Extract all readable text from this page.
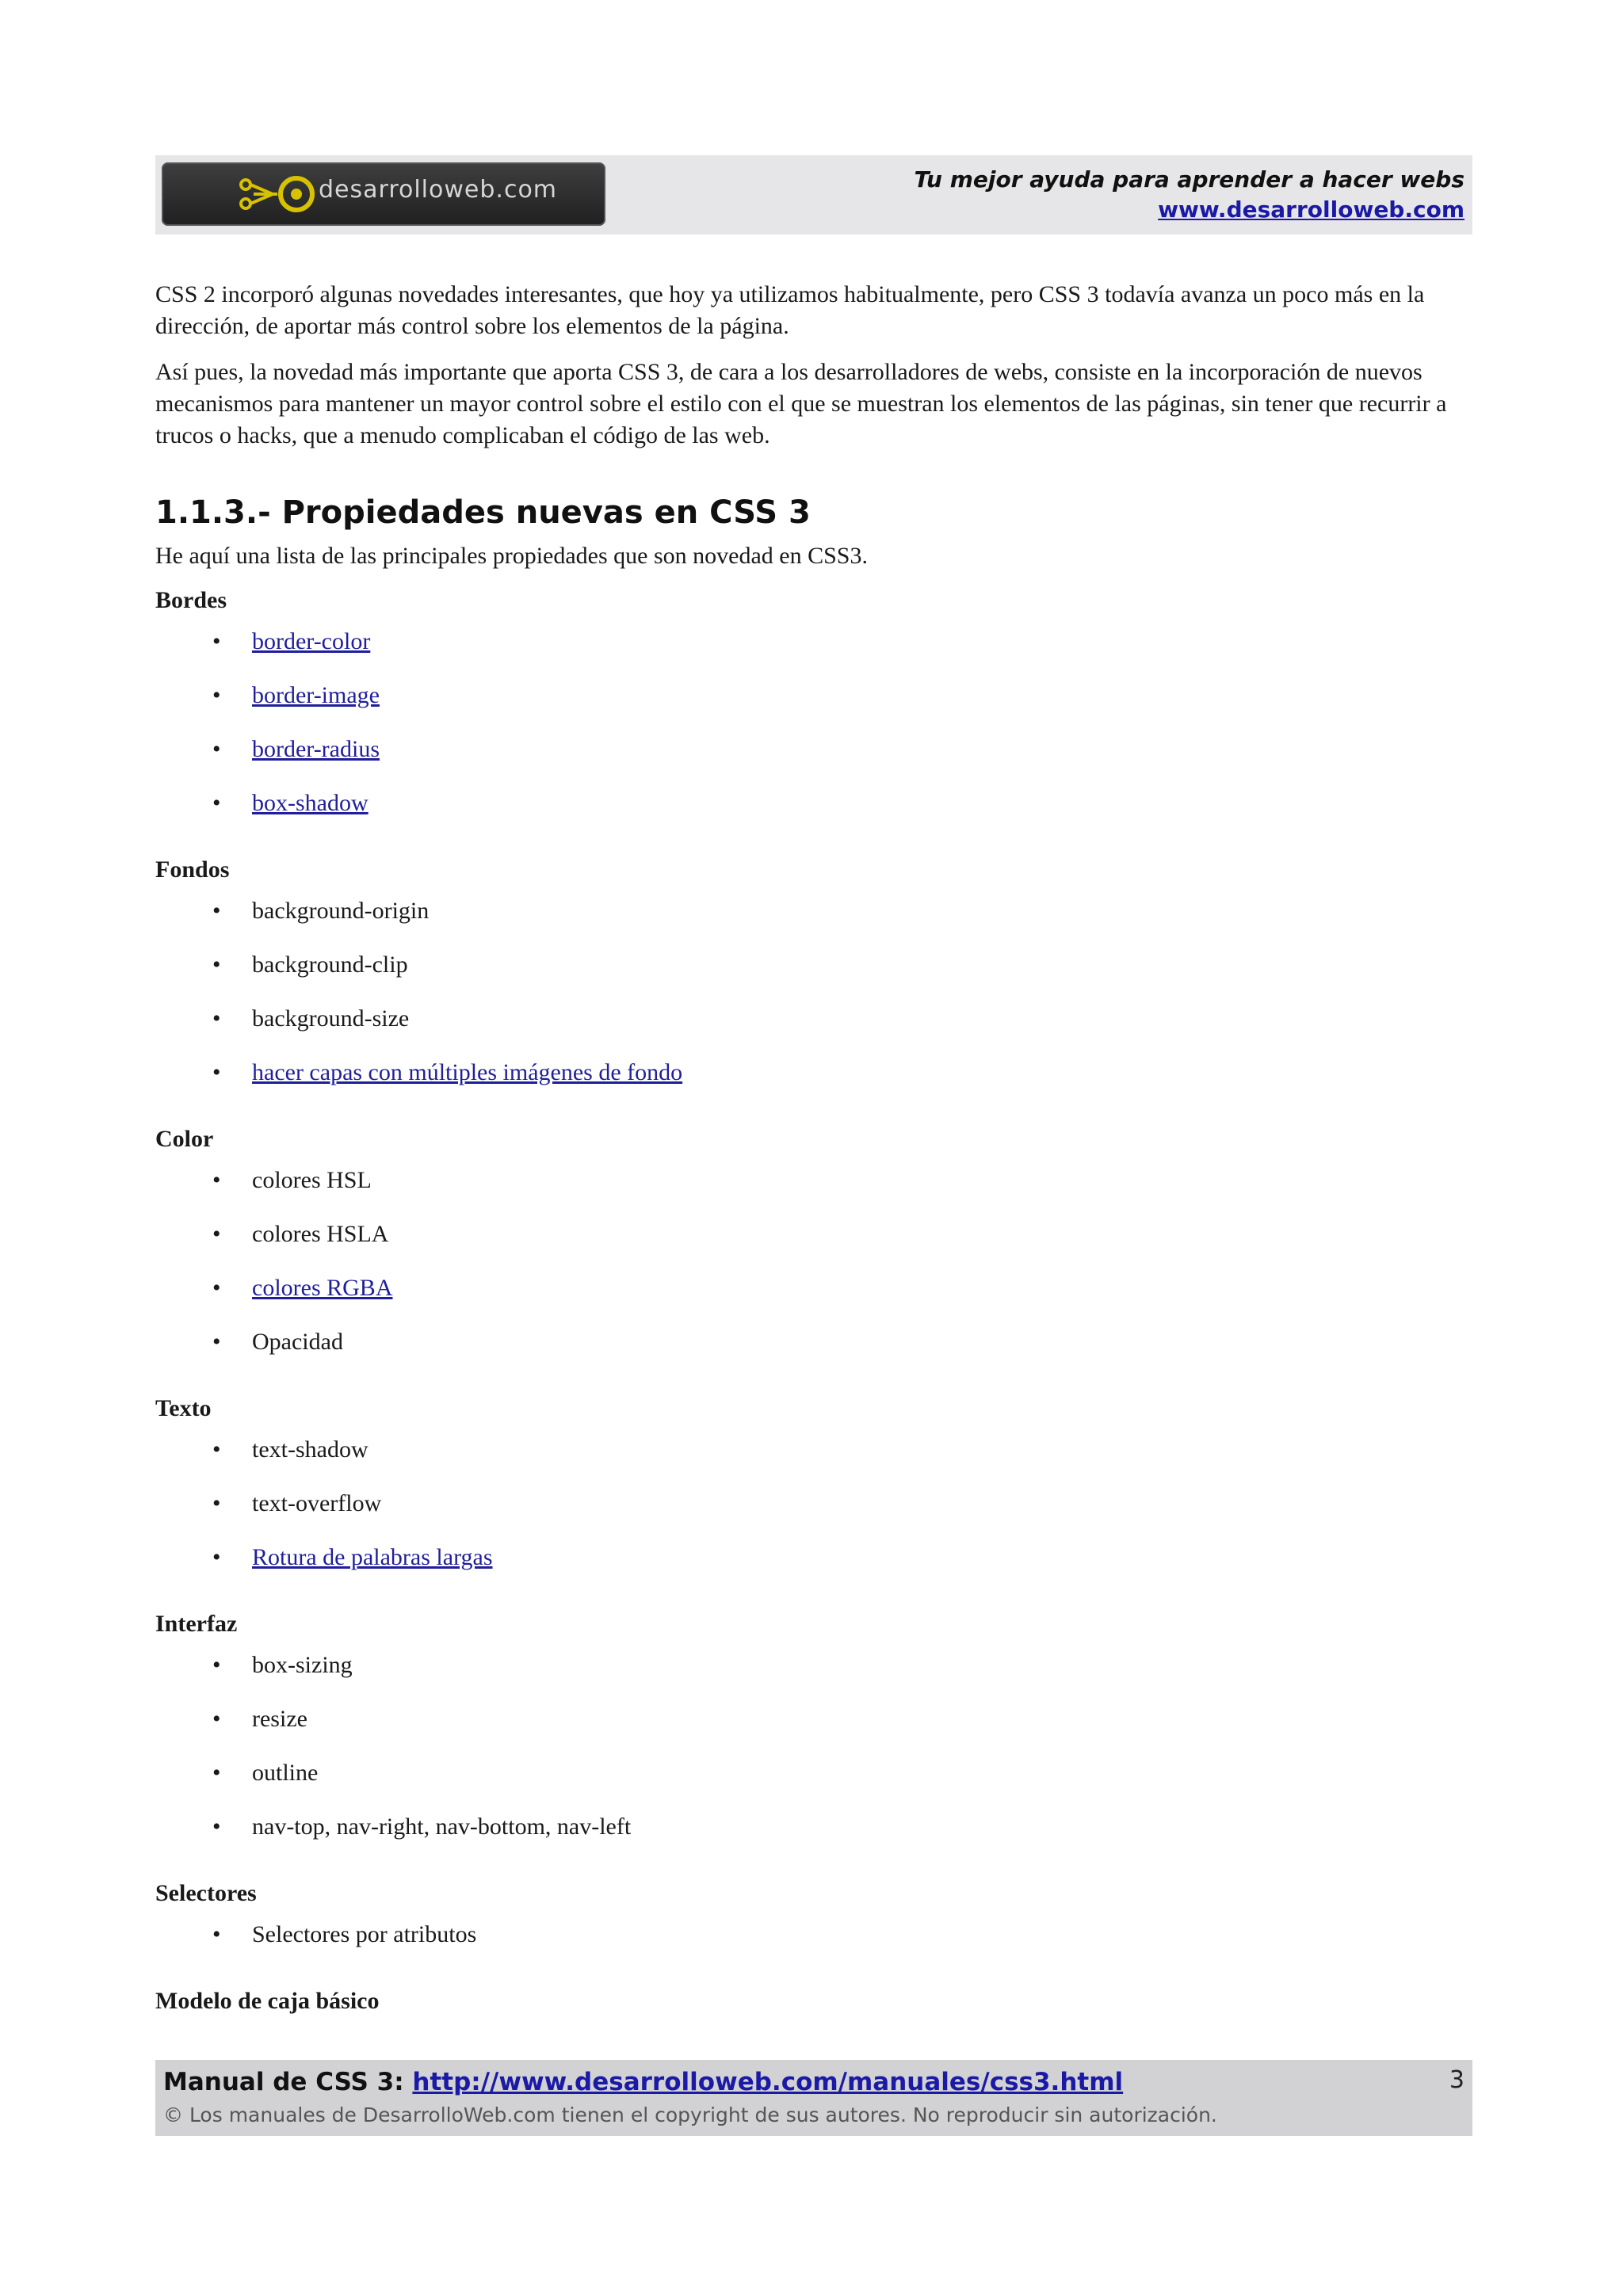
desarrolloweb.com	Tu mejor ayuda para aprender a hacer webs
www.desarrolloweb.com

CSS 2 incorporó algunas novedades interesantes, que hoy ya utilizamos habitualmente, pero CSS 3 todavía avanza un poco más en la dirección, de aportar más control sobre los elementos de la página.

Así pues, la novedad más importante que aporta CSS 3, de cara a los desarrolladores de webs, consiste en la incorporación de nuevos mecanismos para mantener un mayor control sobre el estilo con el que se muestran los elementos de las páginas, sin tener que recurrir a trucos o hacks, que a menudo complicaban el código de las web.

1.1.3.- Propiedades nuevas en CSS 3

He aquí una lista de las principales propiedades que son novedad en CSS3.

Bordes
• border-color
• border-image
• border-radius
• box-shadow
Fondos
• background-origin
• background-clip
• background-size
• hacer capas con múltiples imágenes de fondo
Color
• colores HSL
• colores HSLA
• colores RGBA
• Opacidad
Texto
• text-shadow
• text-overflow
• Rotura de palabras largas
Interfaz
• box-sizing
• resize
• outline
• nav-top, nav-right, nav-bottom, nav-left
Selectores
• Selectores por atributos
Modelo de caja básico
Manual de CSS 3: http://www.desarrolloweb.com/manuales/css3.html
© Los manuales de DesarrolloWeb.com tienen el copyright de sus autores. No reproducir sin autorización.
3
